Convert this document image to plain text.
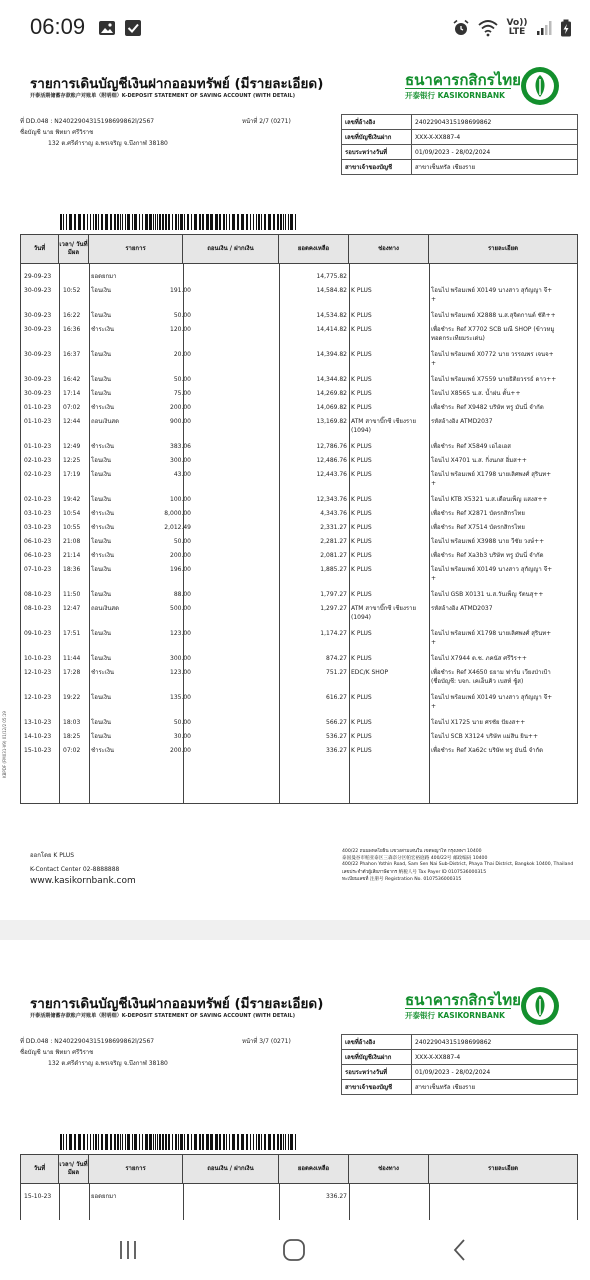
06:09	Vo)) LTE
รายการเดินบัญชีเงินฝากออมทรัพย์ (มีรายละเอียด)
开泰活期储蓄存款账户对账单（附明细）K-DEPOSIT STATEMENT OF SAVING ACCOUNT (WITH DETAIL)
ธนาคารกสิกรไทย
开泰银行 KASIKORNBANK
ที่ DD.048 : N2402290431519869986​2l/2567
ชื่อบัญชี นาย พิทยา ศรีวิราช
132 ต.ศรีดำราญ อ.พรเจริญ จ.บึงกาฬ 38180
หน้าที่ 2/7 (0271)	เลขที่อ้างอิง	240229043151986998​62
เลขที่บัญชีเงินฝาก	XXX-X-XX887-4
รอบระหว่างวันที่	01/09/2023 - 28/02/2024
สาขาเจ้าของบัญชี	สาขาเซ็นทรัล เชียงราย
วันที่
เวลา/ วันที่มีผล
รายการ	ถอนเงิน / ฝากเงิน	ยอดคงเหลือ	ช่องทาง	รายละเอียด
29-09-23	ยอดยกมา	14,775.82
30-09-23 10:52 โอนเงิน	191.00	14,584.82 K PLUS	โอนไป พร้อมเพย์ X0149 นางสาว สุกัญญา จึ+
+
30-09-23 16:22 โอนเงิน	50.00	14,534.82 K PLUS	โอนไป พร้อมเพย์ X2888 น.ส.สุจิตกานต์ ชัติ++
30-09-23 16:36 ชำระเงิน	120.00	14,414.82 K PLUS	เพื่อชำระ Ref X7702 SCB มณี SHOP (ข้าวหมู
ทอดกระเทียมระเด่น)
30-09-23 16:37 โอนเงิน	20.00	14,394.82 K PLUS	โอนไป พร้อมเพย์ X0772 นาย วรรณพร เจนจ+
+
30-09-23 16:42 โอนเงิน	50.00	14,344.82 K PLUS	โอนไป พร้อมเพย์ X7559 นายธิติ​ยวรรธ์ ดาว++
30-09-23 17:14 โอนเงิน	75.00	14,269.82 K PLUS	โอนไป X8565 น.ส. น้ำฝน ตั้น++
01-10-23 07:02 ชำระเงิน	200.00	14,069.82 K PLUS	เพื่อชำระ Ref X9482 บริษัท ทรู มันนี่ จำกัด
01-10-23 12:44 ถอนเงินสด	900.00	13,169.82 ATM สาขาบิ๊กซี เชียงราย	รหัสอ้างอิง ATMD2037
(1094)
01-10-23 12:49 ชำระเงิน	383.06	12,786.76 K PLUS	เพื่อชำระ Ref X5849 เอไอเอส
02-10-23 12:25 โอนเงิน	300.00	12,486.76 K PLUS	โอนไป X4701 น.ส. กิ่งนภส อิ่มส++
02-10-23 17:19 โอนเงิน	43.00	12,443.76 K PLUS	โอนไป พร้อมเพย์ X1798 นายเลิศพงศ์ สุรินท+
+
02-10-23 19:42 โอนเงิน	100.00	12,343.76 K PLUS	โอนไป KTB X5321 น.ส.เดือนเพ็ญ แสงส++
03-10-23 10:54 ชำระเงิน	8,000.00	4,343.76 K PLUS	เพื่อชำระ Ref X2871 บัตรกสิกรไทย
03-10-23 10:55 ชำระเงิน	2,012.49	2,331.27 K PLUS	เพื่อชำระ Ref X7514 บัตรกสิกรไทย
06-10-23 21:08 โอนเงิน	50.00	2,281.27 K PLUS	โอนไป พร้อมเพย์ X3988 นาย วีชัย วงษ์++
06-10-23 21:14 ชำระเงิน	200.00	2,081.27 K PLUS	เพื่อชำระ Ref Xa3b3 บริษัท ทรู มันนี่ จำกัด
07-10-23 18:36 โอนเงิน	196.00	1,885.27 K PLUS	โอนไป พร้อมเพย์ X0149 นางสาว สุกัญญา จึ+
+
08-10-23 11:50 โอนเงิน	88.00	1,797.27 K PLUS	โอนไป GSB X0131 น.ส.วันเพ็ญ รัตนสุ++
08-10-23 12:47 ถอนเงินสด	500.00	1,297.27 ATM สาขาบิ๊กซี เชียงราย	รหัสอ้างอิง ATMD2037
(1094)
09-10-23 17:51 โอนเงิน	123.00	1,174.27 K PLUS	โอนไป พร้อมเพย์ X1798 นายเลิศพงศ์ สุรินท+
+
10-10-23 11:44 โอนเงิน	300.00	874.27 K PLUS	โอนไป X7944 ด.ช. ภคนัส ศรีวิร++
12-10-23 17:28 ชำระเงิน	123.00	751.27 EDC/K SHOP	เพื่อชำระ Ref X4650 ธยาม ฟาร์ม เวียงป่าเป้า
(ชื่อบัญชี: บจก. เคเอ็นคิว เบสท์ ชู้ส)
12-10-23 19:22 โอนเงิน	135.00	616.27 K PLUS	โอนไป พร้อมเพย์ X0149 นางสาว สุกัญญา จึ+
+
13-10-23 18:03 โอนเงิน	50.00	566.27 K PLUS	โอนไป X1725 นาย ศรชัย ปัยงส++
14-10-23 18:25 โอนเงิน	30.00	536.27 K PLUS	โอนไป SCB X3124 บริษัท แม่สิน ยิน++
15-10-23 07:02 ชำระเงิน	200.00	336.27 K PLUS	เพื่อชำระ Ref Xa62c บริษัท ทรู มันนี่ จำกัด
ออกโดย K PLUS
K-Contact Center 02-8888888
www.kasikornbank.com
400/22 ถนนพหลโยธิน แขวงสามเสนใน เขตพญาไท กรุงเทพฯ 10400
泰国曼谷市帕亚泰区三森奈分区帕宏裕庭路 400/22号 邮政编码 10400
400/22 Phahon Yothin Road, Sam Sen Nai Sub-District, Phaya Thai District, Bangkok 10400, Thailand
เลขประจำตัวผู้เสียภาษีอากร 納税人号 Tax Payer ID 0107536000315
ทะเบียนเลขที่ 注册号 Registration No. 0107536000315
KBPDF (FM031-V9) 01/12/2 05:19
รายการเดินบัญชีเงินฝากออมทรัพย์ (มีรายละเอียด)
开泰活期储蓄存款账户对账单（附明细）K-DEPOSIT STATEMENT OF SAVING ACCOUNT (WITH DETAIL)
ธนาคารกสิกรไทย
开泰银行 KASIKORNBANK
ที่ DD.048 : N2402290431519869986​2l/2567
ชื่อบัญชี นาย พิทยา ศรีวิราช
132 ต.ศรีดำราญ อ.พรเจริญ จ.บึงกาฬ 38180
หน้าที่ 3/7 (0271)	เลขที่อ้างอิง	240229043151986998​62
เลขที่บัญชีเงินฝาก	XXX-X-XX887-4
รอบระหว่างวันที่	01/09/2023 - 28/02/2024
สาขาเจ้าของบัญชี	สาขาเซ็นทรัล เชียงราย
วันที่
เวลา/ วันที่มีผล
รายการ	ถอนเงิน / ฝากเงิน	ยอดคงเหลือ	ช่องทาง	รายละเอียด
15-10-23	ยอดยกมา	336.27
